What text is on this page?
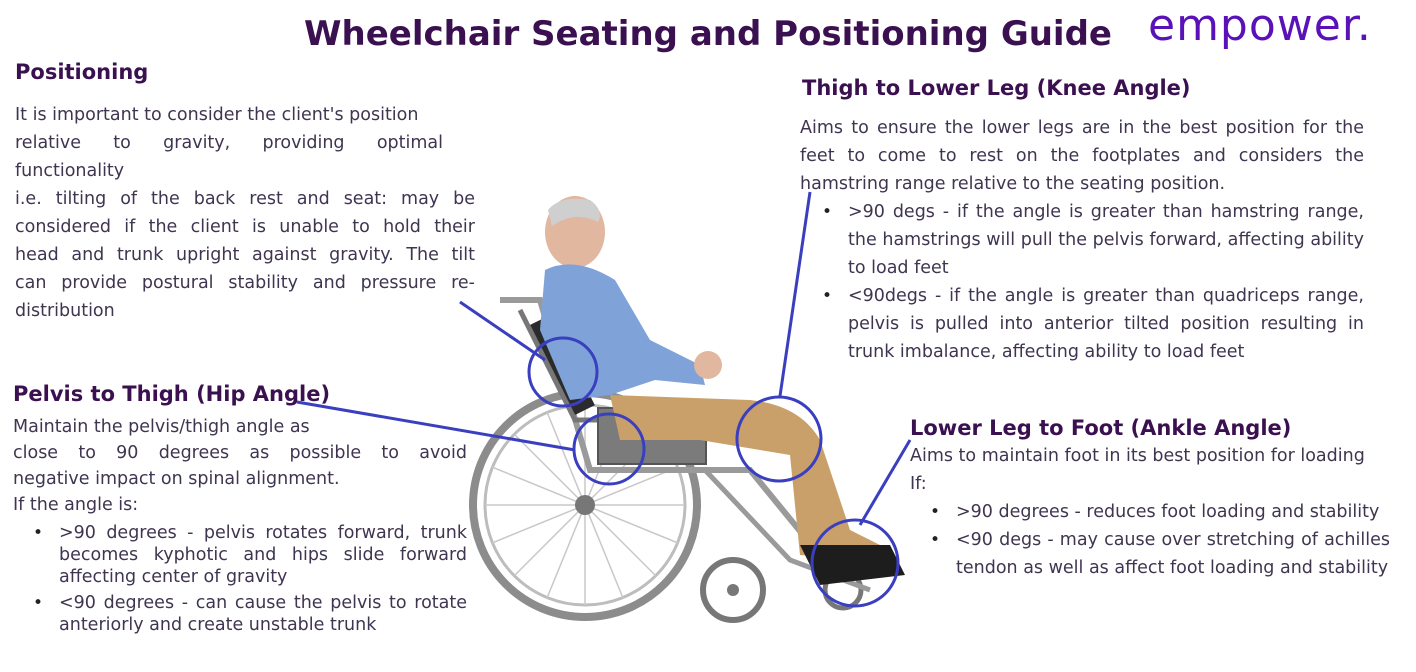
Wheelchair Seating and Positioning Guide empower.
Positioning
It is important to consider the client's position
relative to gravity, providing optimal
functionality
i.e. tilting of the back rest and seat: may be
considered if the client is unable to hold their
head and trunk upright against gravity. The tilt
can provide postural stability and pressure re-
distribution
Pelvis to Thigh (Hip Angle)
Maintain the pelvis/thigh angle as
close to 90 degrees as possible to avoid
negative impact on spinal alignment.
If the angle is:
• >90 degrees - pelvis rotates forward, trunk becomes kyphotic and hips slide forward affecting center of gravity
• <90 degrees - can cause the pelvis to rotate anteriorly and create unstable trunk
Thigh to Lower Leg (Knee Angle)
Aims to ensure the lower legs are in the best position for the feet to come to rest on the footplates and considers the hamstring range relative to the seating position.
• >90 degs - if the angle is greater than hamstring range, the hamstrings will pull the pelvis forward, affecting ability to load feet
• <90degs - if the angle is greater than quadriceps range, pelvis is pulled into anterior tilted position resulting in trunk imbalance, affecting ability to load feet
Lower Leg to Foot (Ankle Angle)
Aims to maintain foot in its best position for loading
If:
• >90 degrees - reduces foot loading and stability
• <90 degs - may cause over stretching of achilles tendon as well as affect foot loading and stability
